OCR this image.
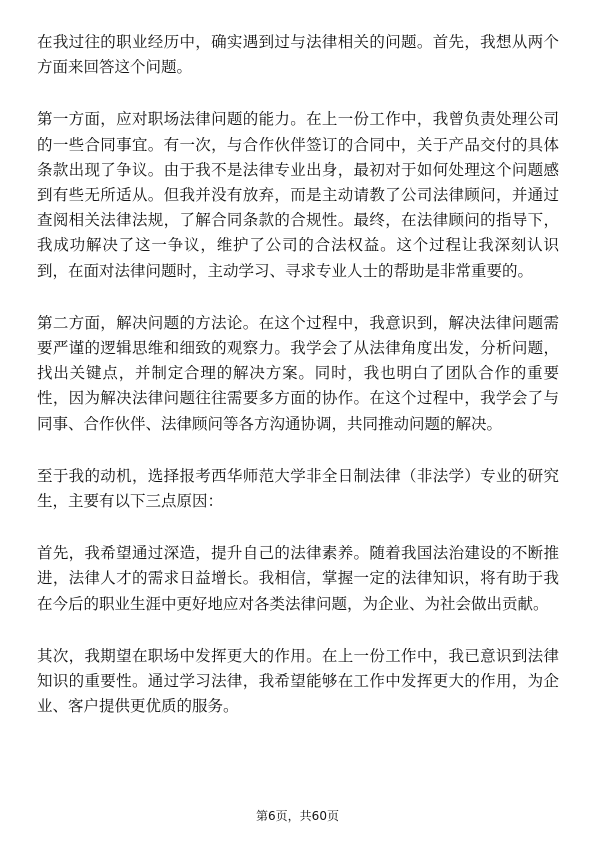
在我过往的职业经历中，确实遇到过与法律相关的问题。首先，我想从两个方面来回答这个问题。

第一方面，应对职场法律问题的能力。在上一份工作中，我曾负责处理公司的一些合同事宜。有一次，与合作伙伴签订的合同中，关于产品交付的具体条款出现了争议。由于我不是法律专业出身，最初对于如何处理这个问题感到有些无所适从。但我并没有放弃，而是主动请教了公司法律顾问，并通过查阅相关法律法规，了解合同条款的合规性。最终，在法律顾问的指导下，我成功解决了这一争议，维护了公司的合法权益。这个过程让我深刻认识到，在面对法律问题时，主动学习、寻求专业人士的帮助是非常重要的。

第二方面，解决问题的方法论。在这个过程中，我意识到，解决法律问题需要严谨的逻辑思维和细致的观察力。我学会了从法律角度出发，分析问题，找出关键点，并制定合理的解决方案。同时，我也明白了团队合作的重要性，因为解决法律问题往往需要多方面的协作。在这个过程中，我学会了与同事、合作伙伴、法律顾问等各方沟通协调，共同推动问题的解决。

至于我的动机，选择报考西华师范大学非全日制法律（非法学）专业的研究生，主要有以下三点原因：

首先，我希望通过深造，提升自己的法律素养。随着我国法治建设的不断推进，法律人才的需求日益增长。我相信，掌握一定的法律知识，将有助于我在今后的职业生涯中更好地应对各类法律问题，为企业、为社会做出贡献。

其次，我期望在职场中发挥更大的作用。在上一份工作中，我已意识到法律知识的重要性。通过学习法律，我希望能够在工作中发挥更大的作用，为企业、客户提供更优质的服务。

第6页，共60页
